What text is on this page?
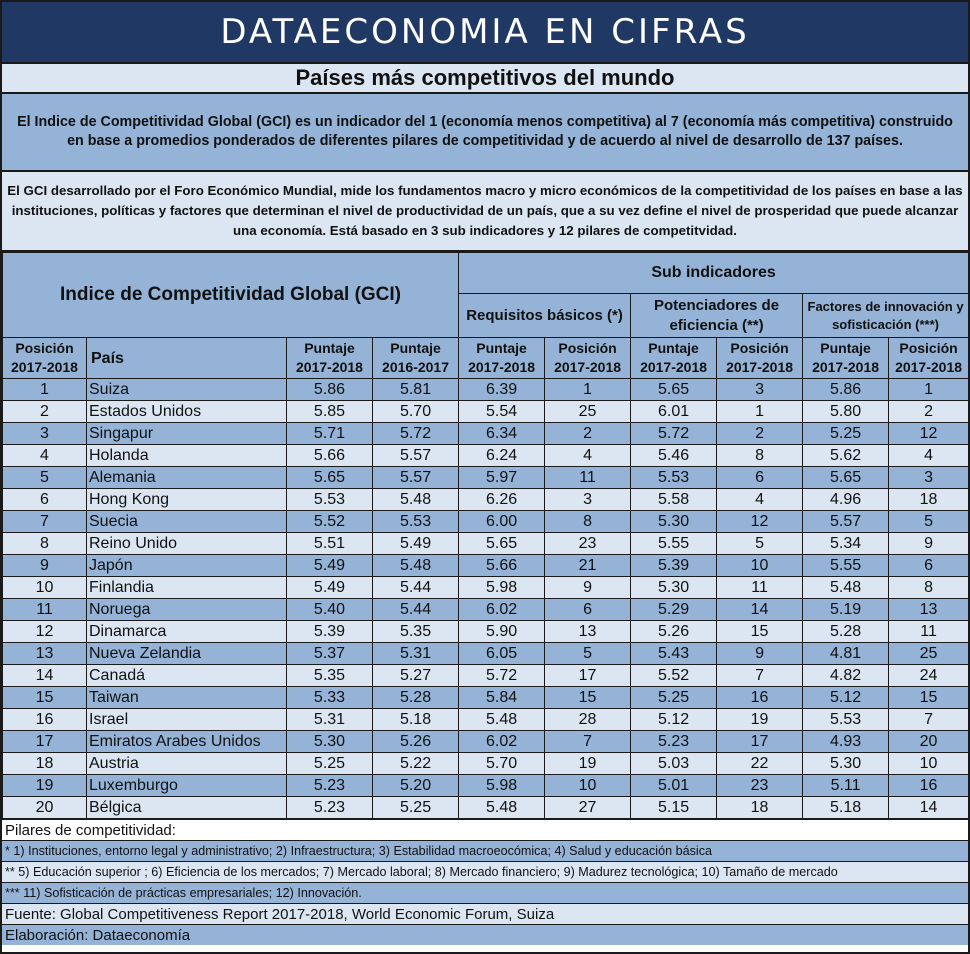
DATAECONOMIA EN CIFRAS
Países más competitivos del mundo
El Indice de Competitividad Global (GCI) es un indicador del 1 (economía menos competitiva) al 7 (economía más competitiva) construido en base a promedios ponderados de diferentes pilares de competitividad y de acuerdo al nivel de desarrollo de 137 países.
El GCI desarrollado por el Foro Económico Mundial, mide los fundamentos macro y micro económicos de la competitividad de los países en base a las instituciones, políticas y factores que determinan el nivel de productividad de un país, que a su vez define el nivel de prosperidad que puede alcanzar una economía. Está basado en 3 sub indicadores y 12 pilares de competitvidad.
Indice de Competitividad Global (GCI)				Sub indicadores					
				Requisitos básicos (*)		Potenciadores de eficiencia (**)		Factores de innovación y sofisticación (***)	
Posición 2017-2018	País	Puntaje 2017-2018	Puntaje 2016-2017	Puntaje 2017-2018	Posición 2017-2018	Puntaje 2017-2018	Posición 2017-2018	Puntaje 2017-2018	Posición 2017-2018
1	Suiza	5.86	5.81	6.39	1	5.65	3	5.86	1
2	Estados Unidos	5.85	5.70	5.54	25	6.01	1	5.80	2
3	Singapur	5.71	5.72	6.34	2	5.72	2	5.25	12
4	Holanda	5.66	5.57	6.24	4	5.46	8	5.62	4
5	Alemania	5.65	5.57	5.97	11	5.53	6	5.65	3
6	Hong Kong	5.53	5.48	6.26	3	5.58	4	4.96	18
7	Suecia	5.52	5.53	6.00	8	5.30	12	5.57	5
8	Reino Unido	5.51	5.49	5.65	23	5.55	5	5.34	9
9	Japón	5.49	5.48	5.66	21	5.39	10	5.55	6
10	Finlandia	5.49	5.44	5.98	9	5.30	11	5.48	8
11	Noruega	5.40	5.44	6.02	6	5.29	14	5.19	13
12	Dinamarca	5.39	5.35	5.90	13	5.26	15	5.28	11
13	Nueva Zelandia	5.37	5.31	6.05	5	5.43	9	4.81	25
14	Canadá	5.35	5.27	5.72	17	5.52	7	4.82	24
15	Taiwan	5.33	5.28	5.84	15	5.25	16	5.12	15
16	Israel	5.31	5.18	5.48	28	5.12	19	5.53	7
17	Emiratos Arabes Unidos	5.30	5.26	6.02	7	5.23	17	4.93	20
18	Austria	5.25	5.22	5.70	19	5.03	22	5.30	10
19	Luxemburgo	5.23	5.20	5.98	10	5.01	23	5.11	16
20	Bélgica	5.23	5.25	5.48	27	5.15	18	5.18	14
Pilares de competitividad:
* 1) Instituciones, entorno legal y administrativo; 2) Infraestructura; 3) Estabilidad macroeocómica; 4) Salud y educación básica
** 5) Educación superior ; 6) Eficiencia de los mercados; 7) Mercado laboral; 8) Mercado financiero; 9) Madurez tecnológica; 10) Tamaño de mercado
*** 11) Sofisticación de prácticas empresariales; 12) Innovación.
Fuente: Global Competitiveness Report 2017-2018, World Economic Forum, Suiza
Elaboración: Dataeconomía
